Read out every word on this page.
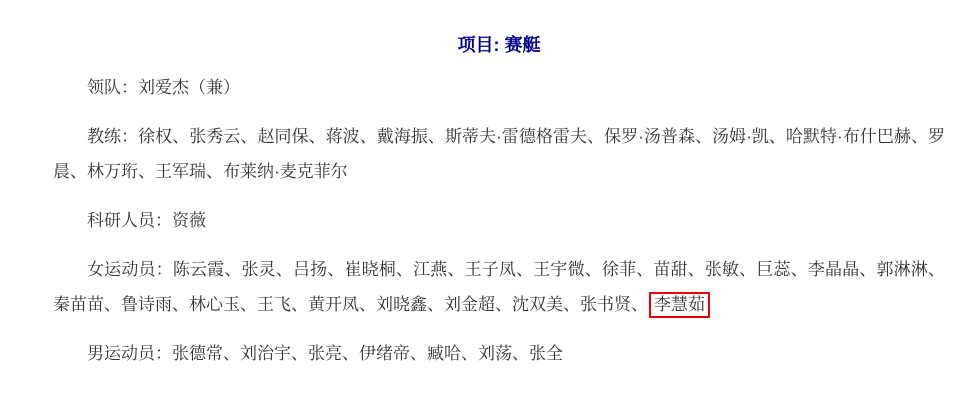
项目: 赛艇

领队：刘爱杰（兼）

教练：徐权、张秀云、赵同保、蒋波、戴海振、斯蒂夫·雷德格雷夫、保罗·汤普森、汤姆·凯、哈默特·布什巴赫、罗晨、林万珩、王军瑞、布莱纳·麦克菲尔

科研人员：资薇

女运动员：陈云霞、张灵、吕扬、崔晓桐、江燕、王子凤、王宇微、徐菲、苗甜、张敏、巨蕊、李晶晶、郭淋淋、秦苗苗、鲁诗雨、林心玉、王飞、黄开凤、刘晓鑫、刘金超、沈双美、张书贤、 李慧茹

男运动员：张德常、刘治宇、张亮、伊绪帝、臧哈、刘荡、张全
